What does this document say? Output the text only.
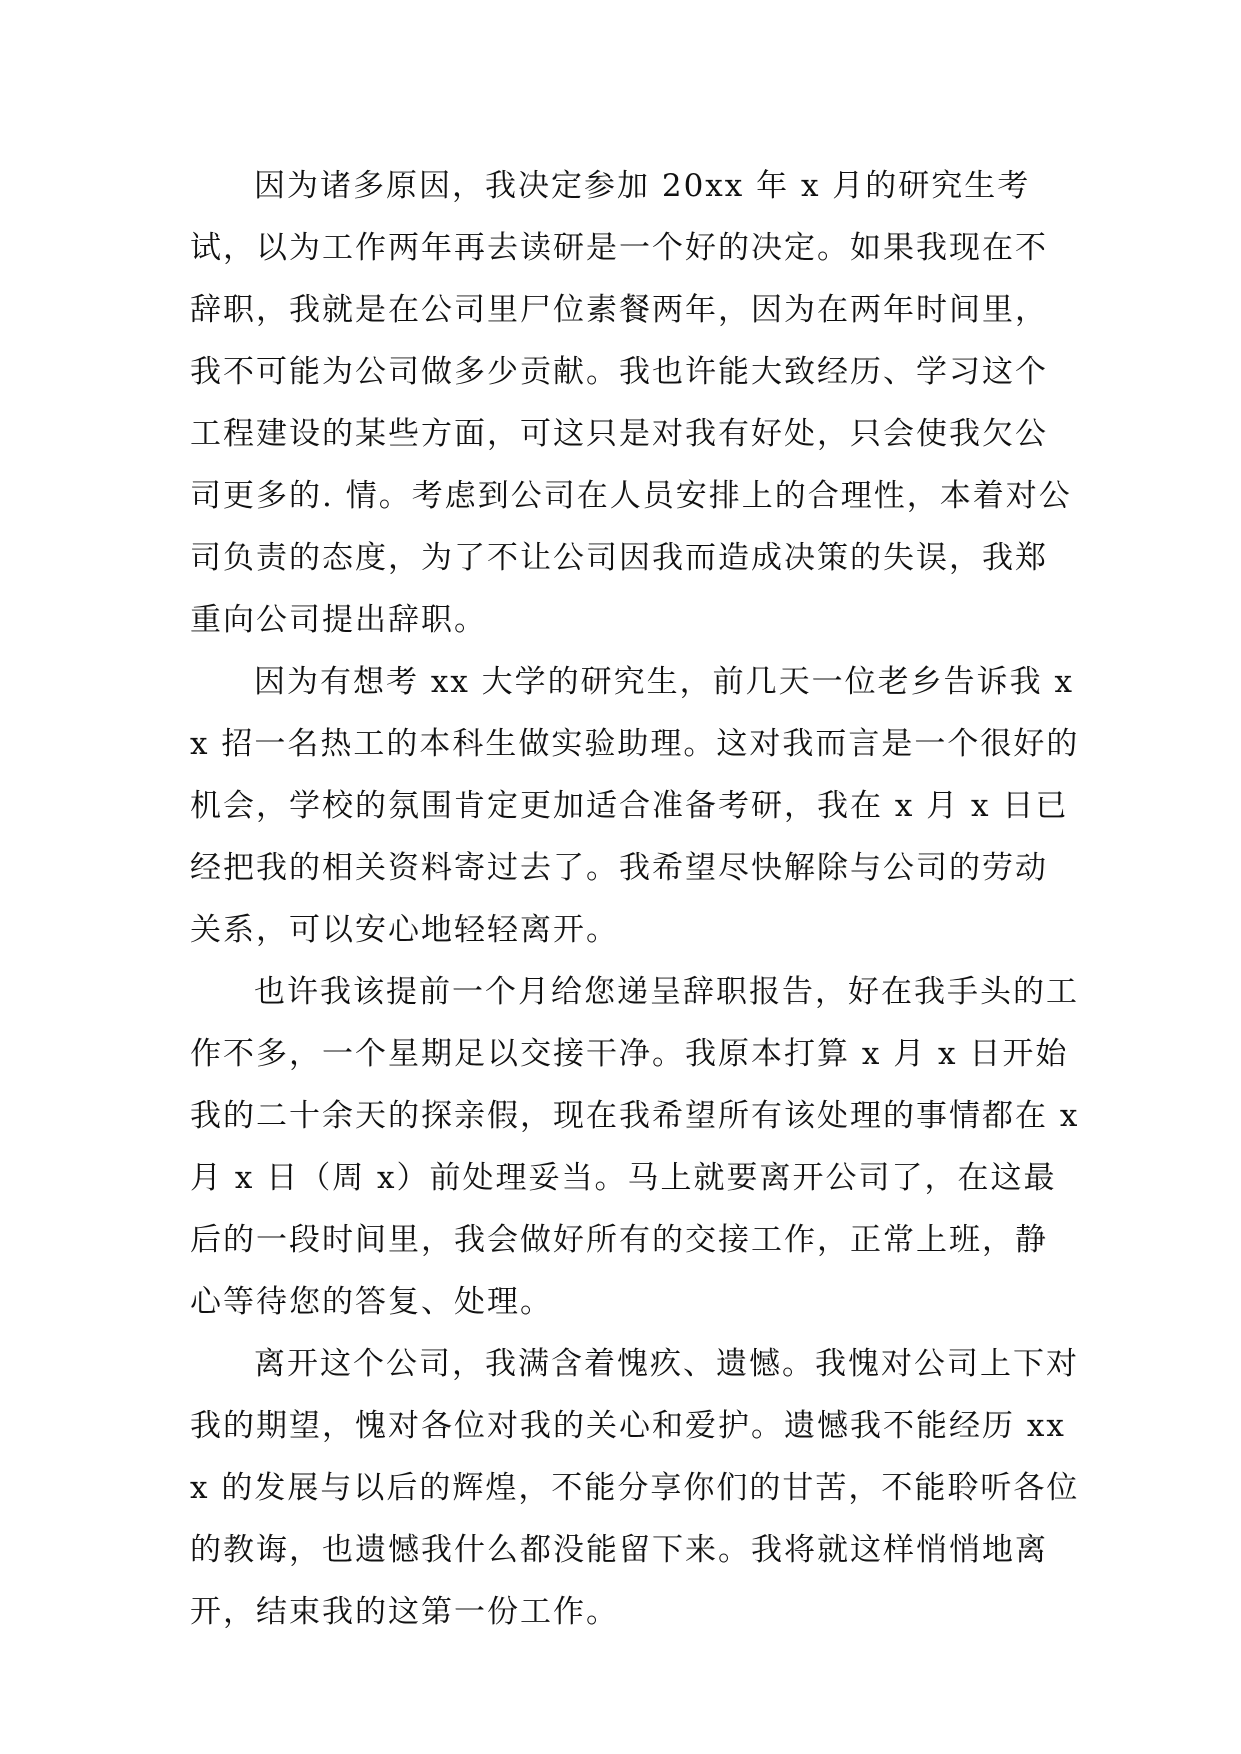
因为诸多原因，我决定参加 20xx 年 x 月的研究生考试，以为工作两年再去读研是一个好的决定。如果我现在不辞职，我就是在公司里尸位素餐两年，因为在两年时间里，我不可能为公司做多少贡献。我也许能大致经历、学习这个工程建设的某些方面，可这只是对我有好处，只会使我欠公司更多的. 情。考虑到公司在人员安排上的合理性，本着对公司负责的态度，为了不让公司因我而造成决策的失误，我郑重向公司提出辞职。

因为有想考 xx 大学的研究生，前几天一位老乡告诉我 xx 招一名热工的本科生做实验助理。这对我而言是一个很好的机会，学校的氛围肯定更加适合准备考研，我在 x 月 x 日已经把我的相关资料寄过去了。我希望尽快解除与公司的劳动关系，可以安心地轻轻离开。

也许我该提前一个月给您递呈辞职报告，好在我手头的工作不多，一个星期足以交接干净。我原本打算 x 月 x 日开始我的二十余天的探亲假，现在我希望所有该处理的事情都在 x 月 x 日（周 x）前处理妥当。马上就要离开公司了，在这最后的一段时间里，我会做好所有的交接工作，正常上班，静心等待您的答复、处理。

离开这个公司，我满含着愧疚、遗憾。我愧对公司上下对我的期望，愧对各位对我的关心和爱护。遗憾我不能经历 xxx 的发展与以后的辉煌，不能分享你们的甘苦，不能聆听各位的教诲，也遗憾我什么都没能留下来。我将就这样悄悄地离开，结束我的这第一份工作。
